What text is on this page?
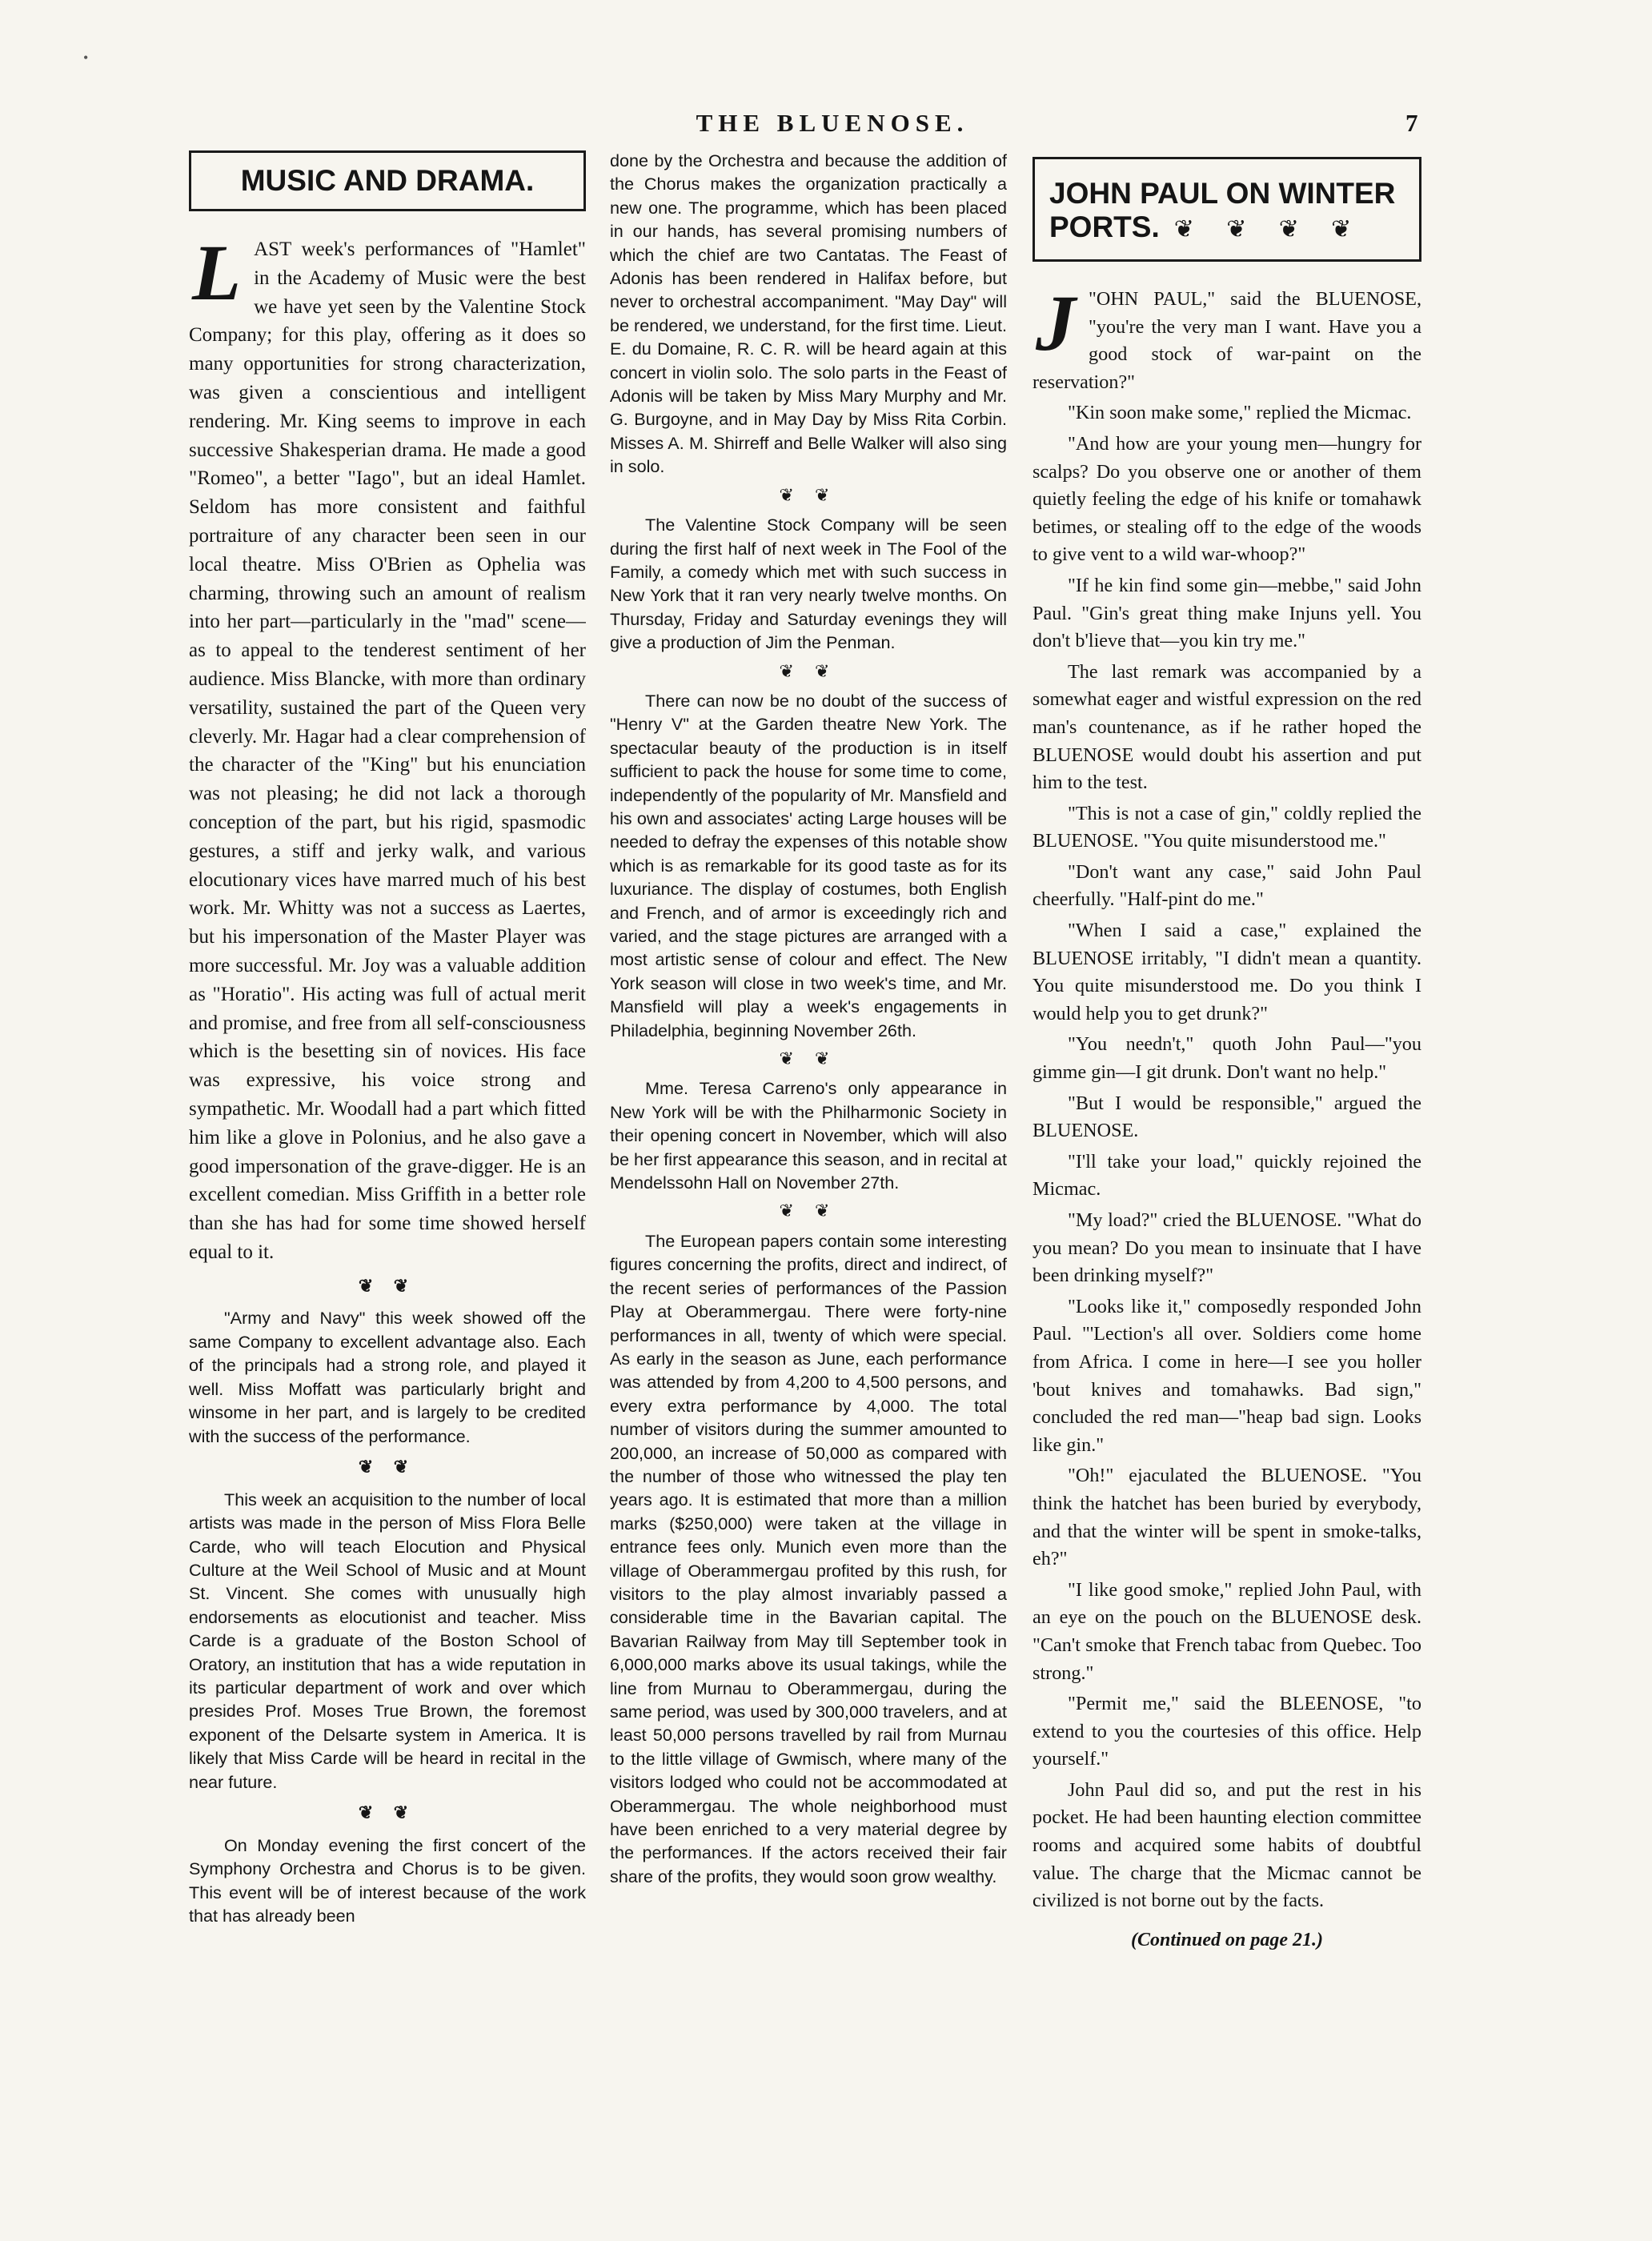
THE BLUENOSE.	7
•
MUSIC AND DRAMA.

LAST week's performances of "Hamlet" in the Academy of Music were the best we have yet seen by the Valentine Stock Company; for this play, offering as it does so many opportunities for strong characterization, was given a conscientious and intelligent rendering. Mr. King seems to improve in each successive Shakesperian drama. He made a good "Romeo", a better "Iago", but an ideal Hamlet. Seldom has more consistent and faithful portraiture of any character been seen in our local theatre. Miss O'Brien as Ophelia was charming, throwing such an amount of realism into her part—particularly in the "mad" scene—as to appeal to the tenderest sentiment of her audience. Miss Blancke, with more than ordinary versatility, sustained the part of the Queen very cleverly. Mr. Hagar had a clear comprehension of the character of the "King" but his enunciation was not pleasing; he did not lack a thorough conception of the part, but his rigid, spasmodic gestures, a stiff and jerky walk, and various elocutionary vices have marred much of his best work. Mr. Whitty was not a success as Laertes, but his impersonation of the Master Player was more successful. Mr. Joy was a valuable addition as "Horatio". His acting was full of actual merit and promise, and free from all self-consciousness which is the besetting sin of novices. His face was expressive, his voice strong and sympathetic. Mr. Woodall had a part which fitted him like a glove in Polonius, and he also gave a good impersonation of the grave-digger. He is an excellent comedian. Miss Griffith in a better role than she has had for some time showed herself equal to it.

❦ ❦

"Army and Navy" this week showed off the same Company to excellent advantage also. Each of the principals had a strong role, and played it well. Miss Moffatt was particularly bright and winsome in her part, and is largely to be credited with the success of the performance.

❦ ❦

This week an acquisition to the number of local artists was made in the person of Miss Flora Belle Carde, who will teach Elocution and Physical Culture at the Weil School of Music and at Mount St. Vincent. She comes with unusually high endorsements as elocutionist and teacher. Miss Carde is a graduate of the Boston School of Oratory, an institution that has a wide reputation in its particular department of work and over which presides Prof. Moses True Brown, the foremost exponent of the Delsarte system in America. It is likely that Miss Carde will be heard in recital in the near future.

❦ ❦

On Monday evening the first concert of the Symphony Orchestra and Chorus is to be given. This event will be of interest because of the work that has already been

done by the Orchestra and because the addition of the Chorus makes the organization practically a new one. The programme, which has been placed in our hands, has several promising numbers of which the chief are two Cantatas. The Feast of Adonis has been rendered in Halifax before, but never to orchestral accompaniment. "May Day" will be rendered, we understand, for the first time. Lieut. E. du Domaine, R. C. R. will be heard again at this concert in violin solo. The solo parts in the Feast of Adonis will be taken by Miss Mary Murphy and Mr. G. Burgoyne, and in May Day by Miss Rita Corbin. Misses A. M. Shirreff and Belle Walker will also sing in solo.

❦ ❦

The Valentine Stock Company will be seen during the first half of next week in The Fool of the Family, a comedy which met with such success in New York that it ran very nearly twelve months. On Thursday, Friday and Saturday evenings they will give a production of Jim the Penman.

❦ ❦

There can now be no doubt of the success of "Henry V" at the Garden theatre New York. The spectacular beauty of the production is in itself sufficient to pack the house for some time to come, independently of the popularity of Mr. Mansfield and his own and associates' acting Large houses will be needed to defray the expenses of this notable show which is as remarkable for its good taste as for its luxuriance. The display of costumes, both English and French, and of armor is exceedingly rich and varied, and the stage pictures are arranged with a most artistic sense of colour and effect. The New York season will close in two week's time, and Mr. Mansfield will play a week's engagements in Philadelphia, beginning November 26th.

❦ ❦

Mme. Teresa Carreno's only appearance in New York will be with the Philharmonic Society in their opening concert in November, which will also be her first appearance this season, and in recital at Mendelssohn Hall on November 27th.

❦ ❦

The European papers contain some interesting figures concerning the profits, direct and indirect, of the recent series of performances of the Passion Play at Oberammergau. There were forty-nine performances in all, twenty of which were special. As early in the season as June, each performance was attended by from 4,200 to 4,500 persons, and every extra performance by 4,000. The total number of visitors during the summer amounted to 200,000, an increase of 50,000 as compared with the number of those who witnessed the play ten years ago. It is estimated that more than a million marks ($250,000) were taken at the village in entrance fees only. Munich even more than the village of Oberammergau profited by this rush, for visitors to the play almost invariably passed a considerable time in the Bavarian capital. The Bavarian Railway from May till September took in 6,000,000 marks above its usual takings, while the line from Murnau to Oberammergau, during the same period, was used by 300,000 travelers, and at least 50,000 persons travelled by rail from Murnau to the little village of Gwmisch, where many of the visitors lodged who could not be accommodated at Oberammergau. The whole neighborhood must have been enriched to a very material degree by the performances. If the actors received their fair share of the profits, they would soon grow wealthy.

JOHN PAUL ON WINTER
PORTS. ❦ ❦ ❦ ❦

J "OHN PAUL," said the BLUENOSE, "you're the very man I want. Have you a good stock of war-paint on the reservation?"

"Kin soon make some," replied the Micmac.

"And how are your young men—hungry for scalps? Do you observe one or another of them quietly feeling the edge of his knife or tomahawk betimes, or stealing off to the edge of the woods to give vent to a wild war-whoop?"

"If he kin find some gin—mebbe," said John Paul. "Gin's great thing make Injuns yell. You don't b'lieve that—you kin try me."

The last remark was accompanied by a somewhat eager and wistful expression on the red man's countenance, as if he rather hoped the BLUENOSE would doubt his assertion and put him to the test.

"This is not a case of gin," coldly replied the BLUENOSE. "You quite misunderstood me."

"Don't want any case," said John Paul cheerfully. "Half-pint do me."

"When I said a case," explained the BLUENOSE irritably, "I didn't mean a quantity. You quite misunderstood me. Do you think I would help you to get drunk?"

"You needn't," quoth John Paul—"you gimme gin—I git drunk. Don't want no help."

"But I would be responsible," argued the BLUENOSE.

"I'll take your load," quickly rejoined the Micmac.

"My load?" cried the BLUENOSE. "What do you mean? Do you mean to insinuate that I have been drinking myself?"

"Looks like it," composedly responded John Paul. "'Lection's all over. Soldiers come home from Africa. I come in here—I see you holler 'bout knives and tomahawks. Bad sign," concluded the red man—"heap bad sign. Looks like gin."

"Oh!" ejaculated the BLUENOSE. "You think the hatchet has been buried by everybody, and that the winter will be spent in smoke-talks, eh?"

"I like good smoke," replied John Paul, with an eye on the pouch on the BLUENOSE desk. "Can't smoke that French tabac from Quebec. Too strong."

"Permit me," said the BLEENOSE, "to extend to you the courtesies of this office. Help yourself."

John Paul did so, and put the rest in his pocket. He had been haunting election committee rooms and acquired some habits of doubtful value. The charge that the Micmac cannot be civilized is not borne out by the facts.

(Continued on page 21.)
